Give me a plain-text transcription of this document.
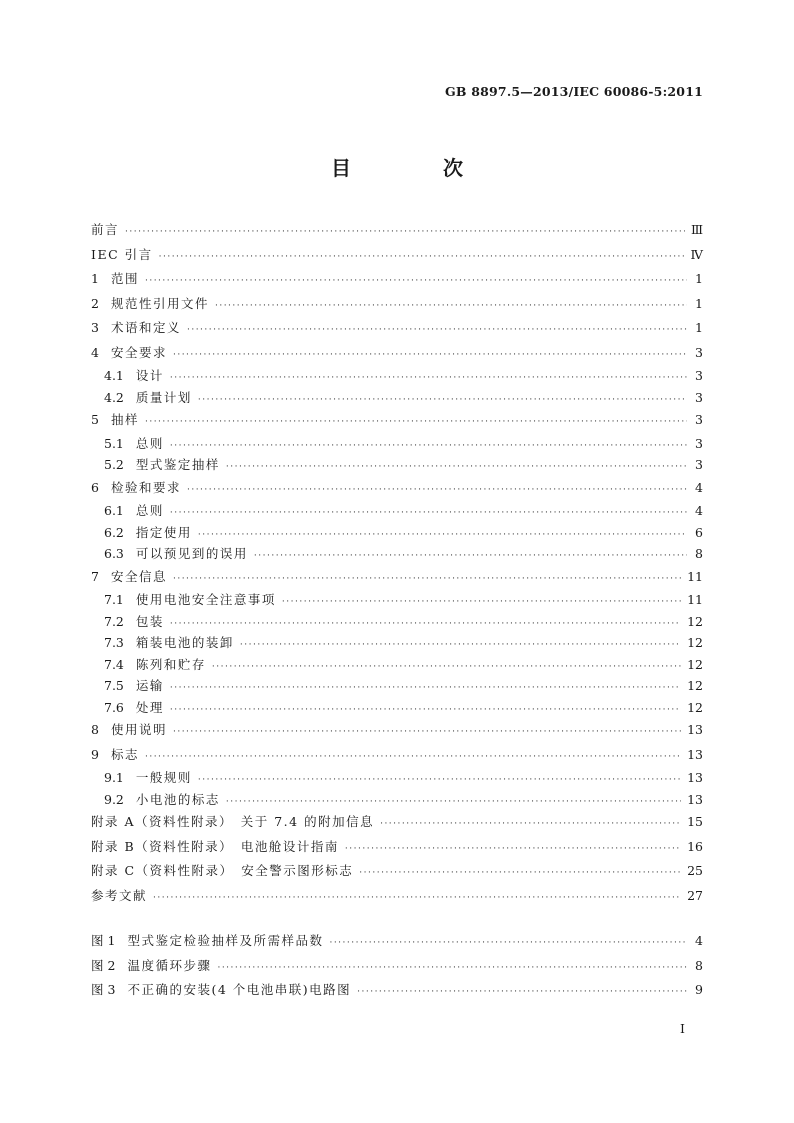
GB 8897.5—2013/IEC 60086-5:2011
目　次
前言 ·····	Ⅲ
IEC 引言 ·····	Ⅳ
1 范围 ·····	1
2 规范性引用文件 ·····	1
3 术语和定义 ·····	1
4 安全要求 ·····	3
4.1 设计 ·····	3
4.2 质量计划 ·····	3
5 抽样 ·····	3
5.1 总则 ·····	3
5.2 型式鉴定抽样 ·····	3
6 检验和要求 ·····	4
6.1 总则 ·····	4
6.2 指定使用 ·····	6
6.3 可以预见到的误用 ·····	8
7 安全信息 ·····	11
7.1 使用电池安全注意事项 ·····	11
7.2 包装 ·····	12
7.3 箱装电池的装卸 ·····	12
7.4 陈列和贮存 ·····	12
7.5 运输 ·····	12
7.6 处理 ·····	12
8 使用说明 ·····	13
9 标志 ·····	13
9.1 一般规则 ·····	13
9.2 小电池的标志 ·····	13
附录 A（资料性附录）　关于 7.4 的附加信息 ·····	15
附录 B（资料性附录）　电池舱设计指南 ·····	16
附录 C（资料性附录）　安全警示图形标志 ·····	25
参考文献 ·····	27
图 1 型式鉴定检验抽样及所需样品数 ·····	4
图 2 温度循环步骤 ·····	8
图 3 不正确的安装(4 个电池串联)电路图 ·····	9
Ⅰ
